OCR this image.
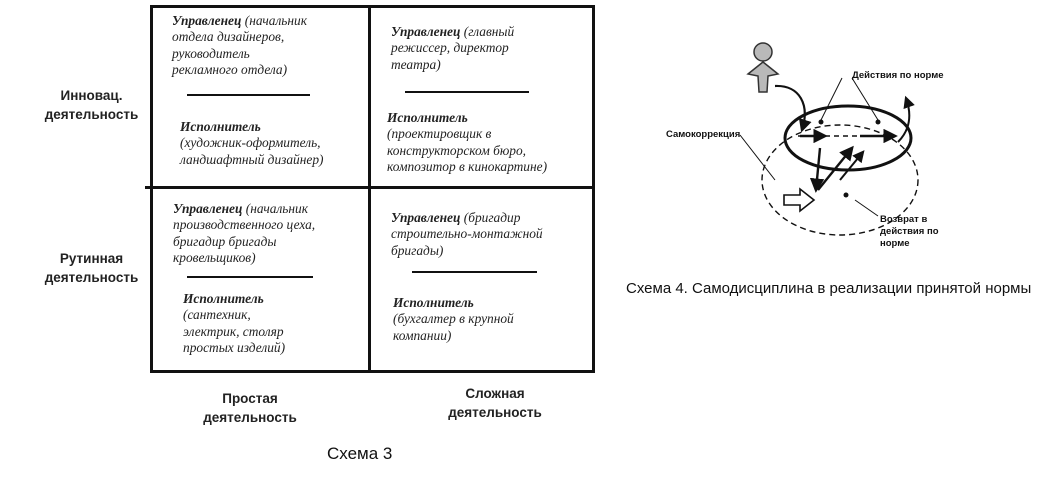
Управленец (начальник
отдела дизайнеров,
руководитель
рекламного отдела)
Исполнитель
(художник-оформитель,
ландшафтный дизайнер)
Управленец (главный
режиссер, директор
театра)
Исполнитель
(проектировщик в
конструкторском бюро,
композитор в кинокартине)
Управленец (начальник
производственного цеха,
бригадир бригады
кровельщиков)
Исполнитель
(сантехник,
электрик, столяр
простых изделий)
Управленец (бригадир
строительно-монтажной
бригады)
Исполнитель
(бухгалтер в крупной
компании)
Инновац.
деятельность
Рутинная
деятельность
Простая
деятельность
Сложная
деятельность
Схема 3
Действия по норме
Самокоррекция
Возврат в
действия по
норме
Схема 4. Самодисциплина в реализации принятой нормы
